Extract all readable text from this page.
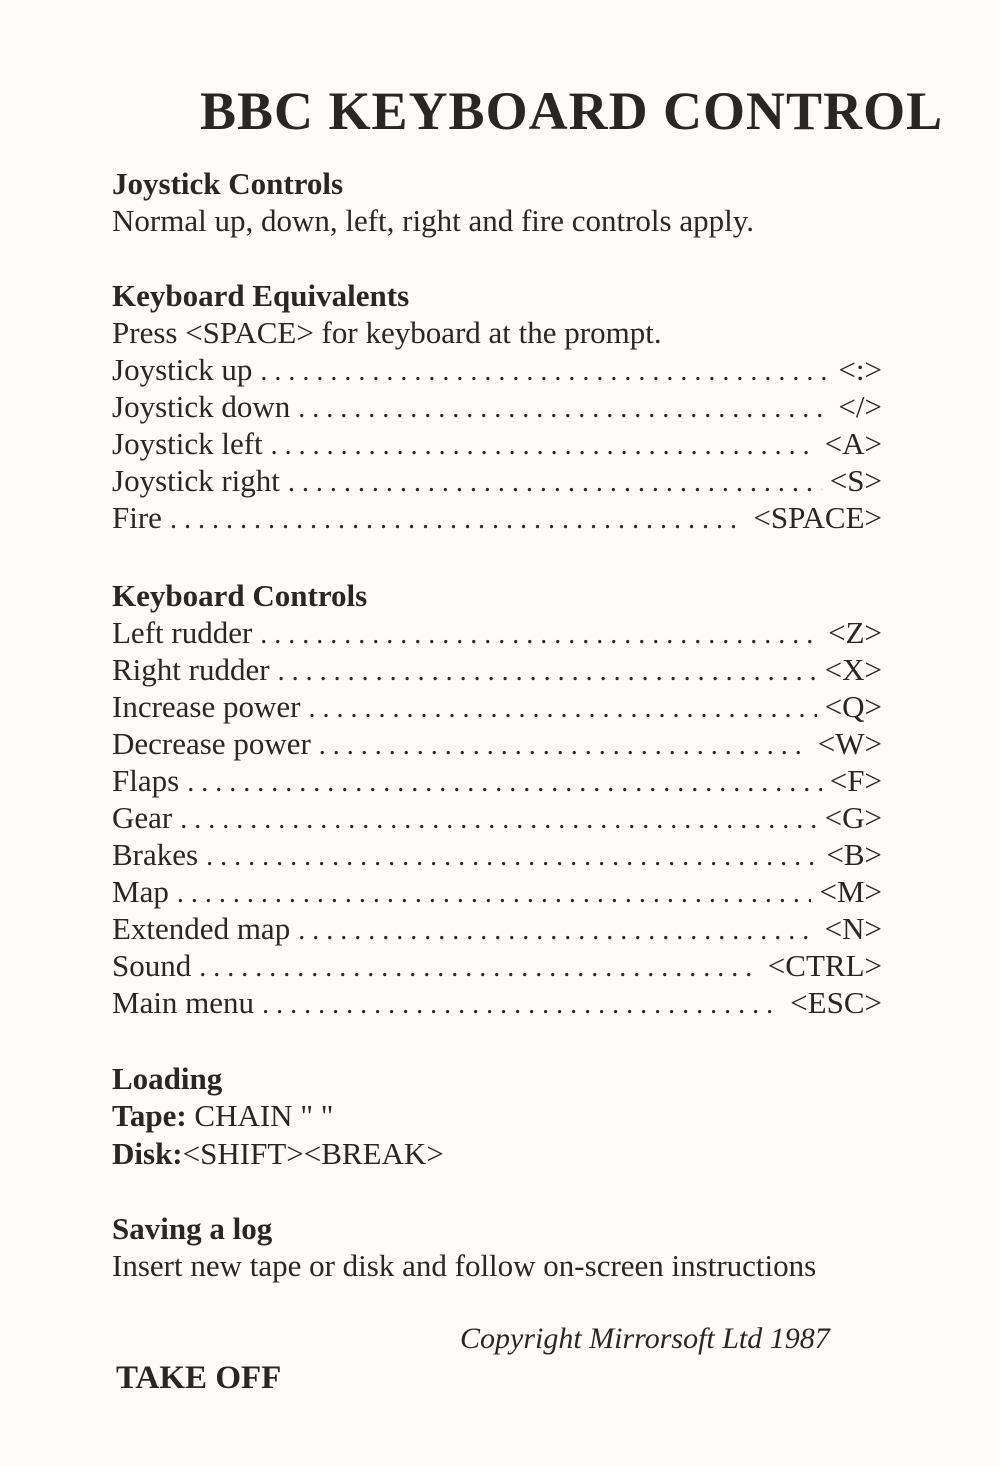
BBC KEYBOARD CONTROL
Joystick Controls
Normal up, down, left, right and fire controls apply.
Keyboard Equivalents
Press <SPACE> for keyboard at the prompt.
Joystick up . . .	<:>
Joystick down . . .	</>
Joystick left . . .	<A>
Joystick right . . .	<S>
Fire . . .	<SPACE>
Keyboard Controls
Left rudder . . .	<Z>
Right rudder . . .	<X>
Increase power . . .	<Q>
Decrease power . . .	<W>
Flaps . . .	<F>
Gear . . .	<G>
Brakes . . .	<B>
Map . . .	<M>
Extended map . . .	<N>
Sound . . .	<CTRL>
Main menu . . .	<ESC>
Loading
Tape: CHAIN " "
Disk:<SHIFT><BREAK>
Saving a log
Insert new tape or disk and follow on-screen instructions
Copyright Mirrorsoft Ltd 1987
TAKE OFF
